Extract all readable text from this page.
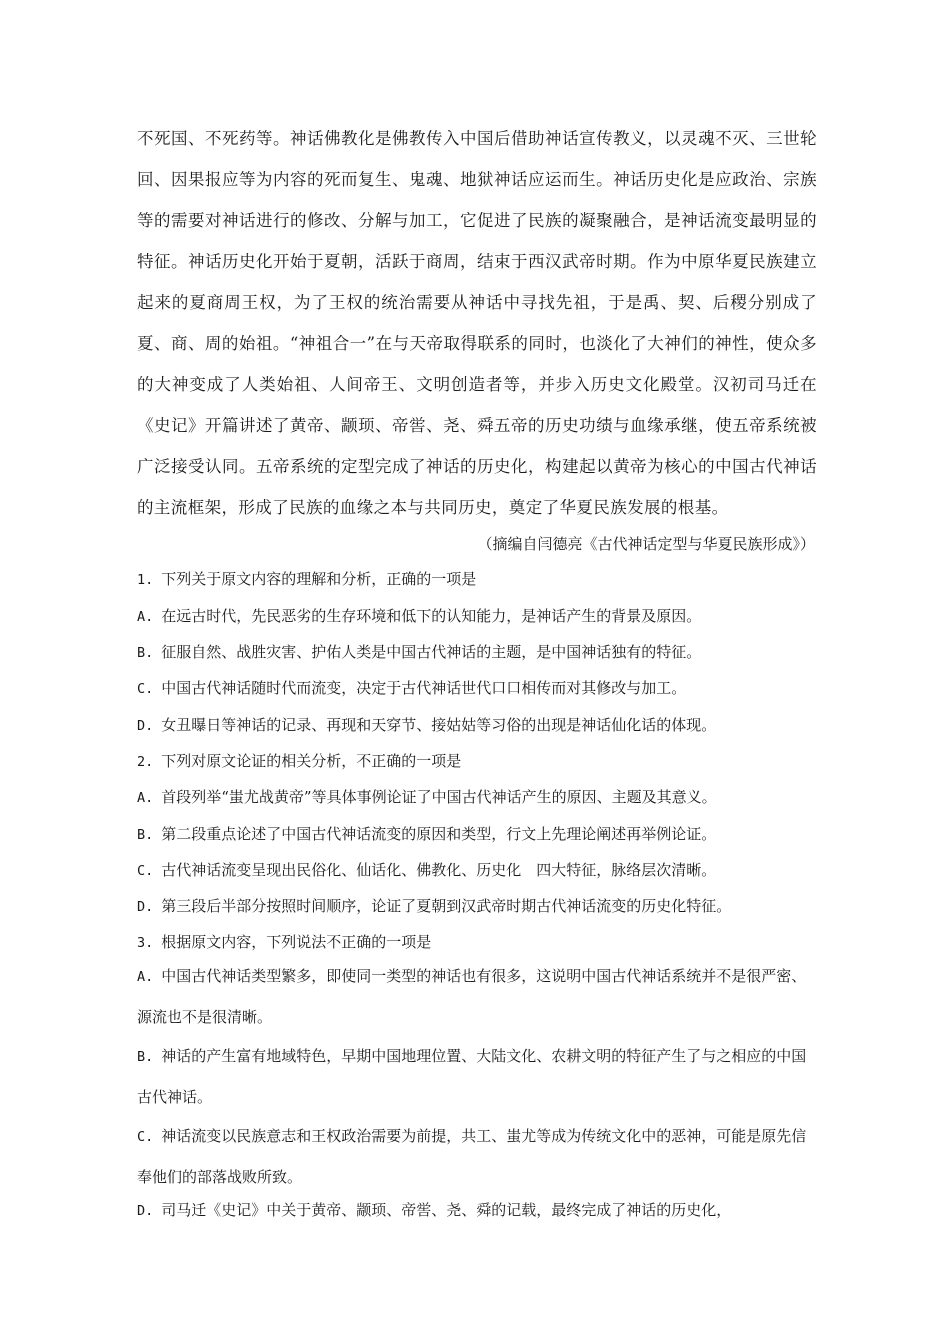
不死国、不死药等。神话佛教化是佛教传入中国后借助神话宣传教义，以灵魂不灭、三世轮回、因果报应等为内容的死而复生、鬼魂、地狱神话应运而生。神话历史化是应政治、宗族等的需要对神话进行的修改、分解与加工，它促进了民族的凝聚融合，是神话流变最明显的特征。神话历史化开始于夏朝，活跃于商周，结束于西汉武帝时期。作为中原华夏民族建立起来的夏商周王权，为了王权的统治需要从神话中寻找先祖，于是禹、契、后稷分别成了夏、商、周的始祖。“神祖合一”在与天帝取得联系的同时，也淡化了大神们的神性，使众多的大神变成了人类始祖、人间帝王、文明创造者等，并步入历史文化殿堂。汉初司马迁在《史记》开篇讲述了黄帝、颛顼、帝喾、尧、舜五帝的历史功绩与血缘承继，使五帝系统被广泛接受认同。五帝系统的定型完成了神话的历史化，构建起以黄帝为核心的中国古代神话的主流框架，形成了民族的血缘之本与共同历史，奠定了华夏民族发展的根基。

（摘编自闫德亮《古代神话定型与华夏民族形成》）

1. 下列关于原文内容的理解和分析，正确的一项是

A. 在远古时代，先民恶劣的生存环境和低下的认知能力，是神话产生的背景及原因。

B. 征服自然、战胜灾害、护佑人类是中国古代神话的主题，是中国神话独有的特征。

C. 中国古代神话随时代而流变，决定于古代神话世代口口相传而对其修改与加工。

D. 女丑曝日等神话的记录、再现和天穿节、接姑姑等习俗的出现是神话仙化话的体现。

2. 下列对原文论证的相关分析，不正确的一项是

A. 首段列举“蚩尤战黄帝”等具体事例论证了中国古代神话产生的原因、主题及其意义。

B. 第二段重点论述了中国古代神话流变的原因和类型，行文上先理论阐述再举例论证。

C. 古代神话流变呈现出民俗化、仙话化、佛教化、历史化　四大特征，脉络层次清晰。

D. 第三段后半部分按照时间顺序，论证了夏朝到汉武帝时期古代神话流变的历史化特征。

3. 根据原文内容，下列说法不正确的一项是

A. 中国古代神话类型繁多，即使同一类型的神话也有很多，这说明中国古代神话系统并不是很严密、源流也不是很清晰。

B. 神话的产生富有地域特色，早期中国地理位置、大陆文化、农耕文明的特征产生了与之相应的中国古代神话。

C. 神话流变以民族意志和王权政治需要为前提，共工、蚩尤等成为传统文化中的恶神，可能是原先信奉他们的部落战败所致。

D. 司马迁《史记》中关于黄帝、颛顼、帝喾、尧、舜的记载，最终完成了神话的历史化，
